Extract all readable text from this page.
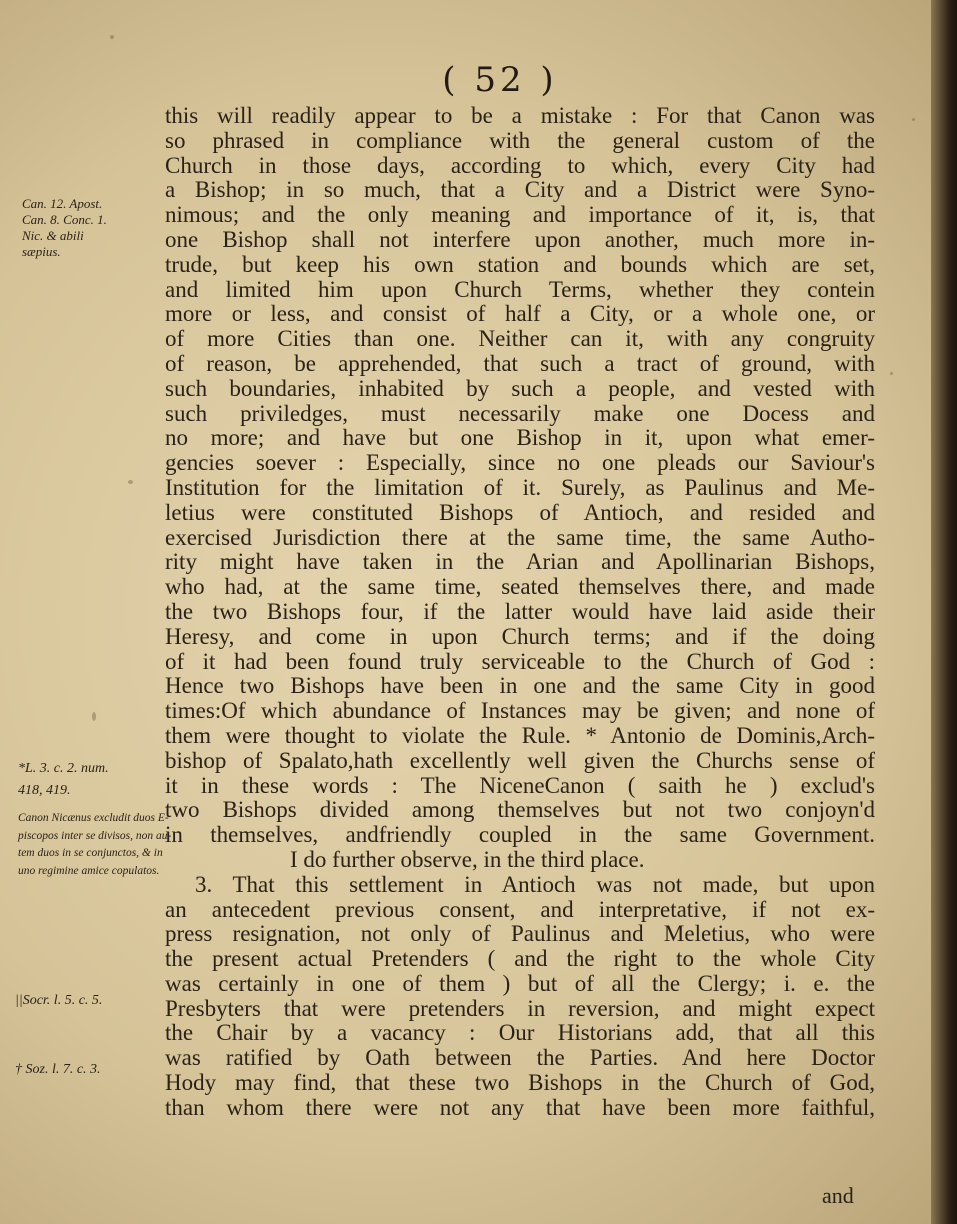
( 52 )
this will readily appear to be a mistake : For that Canon was
so phrased in compliance with the general custom of the
Church in those days, according to which, every City had
a Bishop; in so much, that a City and a District were Syno-
nimous; and the only meaning and importance of it, is, that
one Bishop shall not interfere upon another, much more in-
trude, but keep his own station and bounds which are set,
and limited him upon Church Terms, whether they contein
more or less, and consist of half a City, or a whole one, or
of more Cities than one. Neither can it, with any congruity
of reason, be apprehended, that such a tract of ground, with
such boundaries, inhabited by such a people, and vested with
such priviledges, must necessarily make one Docess and
no more; and have but one Bishop in it, upon what emer-
gencies soever : Especially, since no one pleads our Saviour's
Institution for the limitation of it. Surely, as Paulinus and Me-
letius were constituted Bishops of Antioch, and resided and
exercised Jurisdiction there at the same time, the same Autho-
rity might have taken in the Arian and Apollinarian Bishops,
who had, at the same time, seated themselves there, and made
the two Bishops four, if the latter would have laid aside their
Heresy, and come in upon Church terms; and if the doing
of it had been found truly serviceable to the Church of God :
Hence two Bishops have been in one and the same City in good
times:Of which abundance of Instances may be given; and none of
them were thought to violate the Rule. * Antonio de Dominis,Arch-
bishop of Spalato,hath excellently well given the Churchs sense of
it in these words : The NiceneCanon ( saith he ) exclud's
two Bishops divided among themselves but not two conjoyn'd
in themselves, andfriendly coupled in the same Government.
I do further observe, in the third place.
3. That this settlement in Antioch was not made, but upon
an antecedent previous consent, and interpretative, if not ex-
press resignation, not only of Paulinus and Meletius, who were
the present actual Pretenders ( and the right to the whole City
was certainly in one of them ) but of all the Clergy; i. e. the
Presbyters that were pretenders in reversion, and might expect
the Chair by a vacancy : Our Historians add, that all this
was ratified by Oath between the Parties. And here Doctor
Hody may find, that these two Bishops in the Church of God,
than whom there were not any that have been more faithful,
and
Can. 12. Apost.
Can. 8. Conc. 1.
Nic. & abili
sæpius.
*L. 3. c. 2. num.
418, 419.
Canon Nicænus excludit duos E-
piscopos inter se divisos, non au-
tem duos in se conjunctos, & in
uno regimine amice copulatos.
||Socr. l. 5. c. 5.
† Soz. l. 7. c. 3.
